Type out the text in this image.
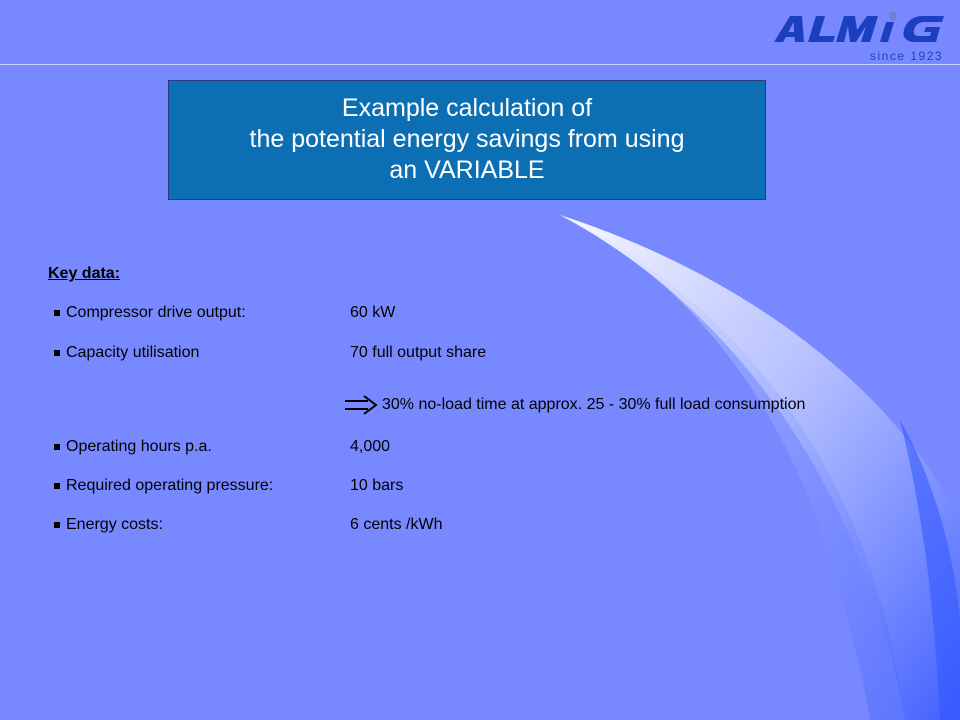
since 1923
Example calculation of
the potential energy savings from using
an VARIABLE
Key data:
Compressor drive output:	60 kW
Capacity utilisation	70 full output share
30% no-load time at approx. 25 - 30% full load consumption
Operating hours p.a.	4,000
Required operating pressure:	10 bars
Energy costs:	6 cents /kWh
